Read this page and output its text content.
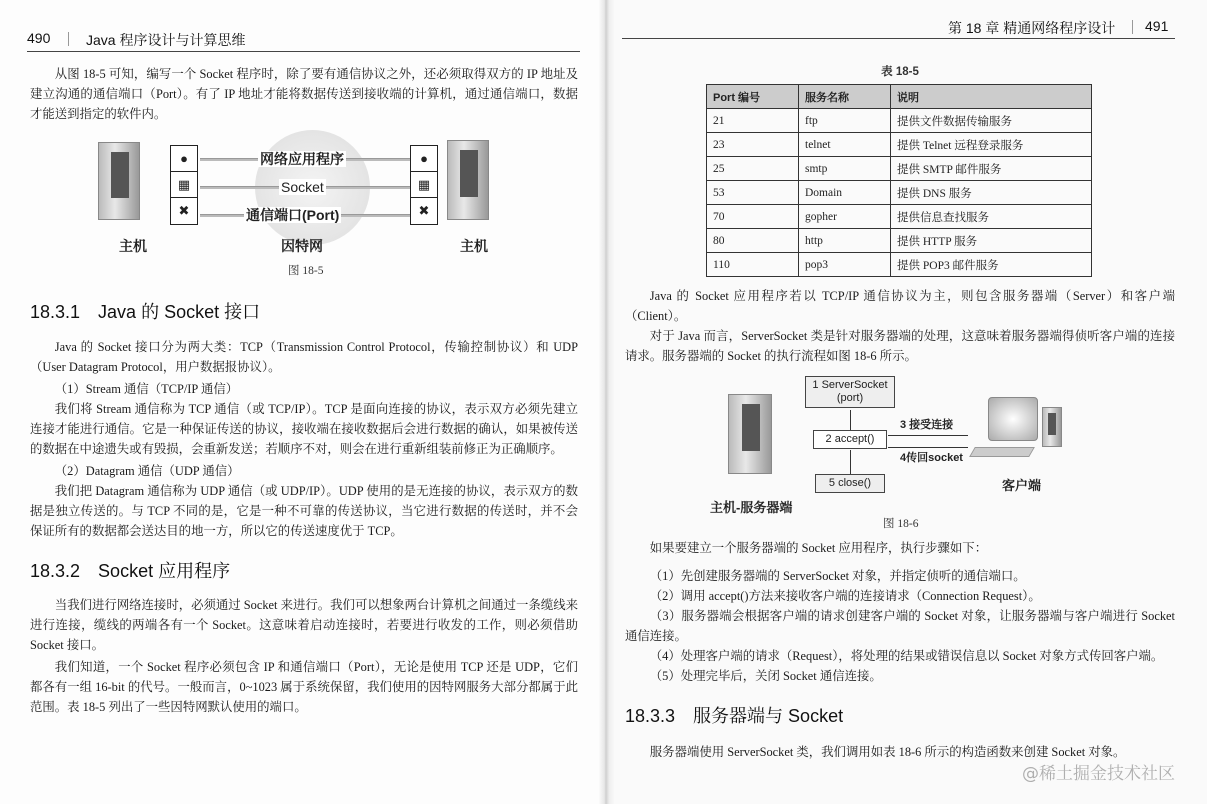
490	Java 程序设计与计算思维
从图 18-5 可知，编写一个 Socket 程序时，除了要有通信协议之外，还必须取得双方的 IP 地址及建立沟通的通信端口（Port）。有了 IP 地址才能将数据传送到接收端的计算机，通过通信端口，数据才能送到指定的软件内。
●
▦
✖
●
▦
✖
网络应用程序
Socket
通信端口(Port)
主机	因特网	主机
图 18-5
18.3.1 Java 的 Socket 接口
Java 的 Socket 接口分为两大类：TCP（Transmission Control Protocol，传输控制协议）和 UDP（User Datagram Protocol，用户数据报协议）。
（1）Stream 通信（TCP/IP 通信）
我们将 Stream 通信称为 TCP 通信（或 TCP/IP）。TCP 是面向连接的协议，表示双方必须先建立连接才能进行通信。它是一种保证传送的协议，接收端在接收数据后会进行数据的确认，如果被传送的数据在中途遗失或有毁损，会重新发送；若顺序不对，则会在进行重新组装前修正为正确顺序。
（2）Datagram 通信（UDP 通信）
我们把 Datagram 通信称为 UDP 通信（或 UDP/IP）。UDP 使用的是无连接的协议，表示双方的数据是独立传送的。与 TCP 不同的是，它是一种不可靠的传送协议，当它进行数据的传送时，并不会保证所有的数据都会送达目的地一方，所以它的传送速度优于 TCP。
18.3.2 Socket 应用程序
当我们进行网络连接时，必须通过 Socket 来进行。我们可以想象两台计算机之间通过一条缆线来进行连接，缆线的两端各有一个 Socket。这意味着启动连接时，若要进行收发的工作，则必须借助 Socket 接口。
我们知道，一个 Socket 程序必须包含 IP 和通信端口（Port），无论是使用 TCP 还是 UDP，它们都各有一组 16-bit 的代号。一般而言，0~1023 属于系统保留，我们使用的因特网服务大部分都属于此范围。表 18-5 列出了一些因特网默认使用的端口。
第 18 章 精通网络程序设计 491
表 18-5
Port 编号	服务名称	说明
21	ftp	提供文件数据传输服务
23	telnet	提供 Telnet 远程登录服务
25	smtp	提供 SMTP 邮件服务
53	Domain	提供 DNS 服务
70	gopher	提供信息查找服务
80	http	提供 HTTP 服务
110	pop3	提供 POP3 邮件服务
Java 的 Socket 应用程序若以 TCP/IP 通信协议为主，则包含服务器端（Server）和客户端（Client）。
对于 Java 而言，ServerSocket 类是针对服务器端的处理，这意味着服务器端得侦听客户端的连接请求。服务器端的 Socket 的执行流程如图 18-6 所示。
1 ServerSocket
(port)
2 accept()
5 close()
3 接受连接
4传回socket
主机-服务器端
客户端
图 18-6
如果要建立一个服务器端的 Socket 应用程序，执行步骤如下：
（1）先创建服务器端的 ServerSocket 对象，并指定侦听的通信端口。
（2）调用 accept()方法来接收客户端的连接请求（Connection Request）。
（3）服务器端会根据客户端的请求创建客户端的 Socket 对象，让服务器端与客户端进行 Socket 通信连接。
（4）处理客户端的请求（Request），将处理的结果或错误信息以 Socket 对象方式传回客户端。
（5）处理完毕后，关闭 Socket 通信连接。
18.3.3 服务器端与 Socket
服务器端使用 ServerSocket 类，我们调用如表 18-6 所示的构造函数来创建 Socket 对象。
@稀土掘金技术社区
